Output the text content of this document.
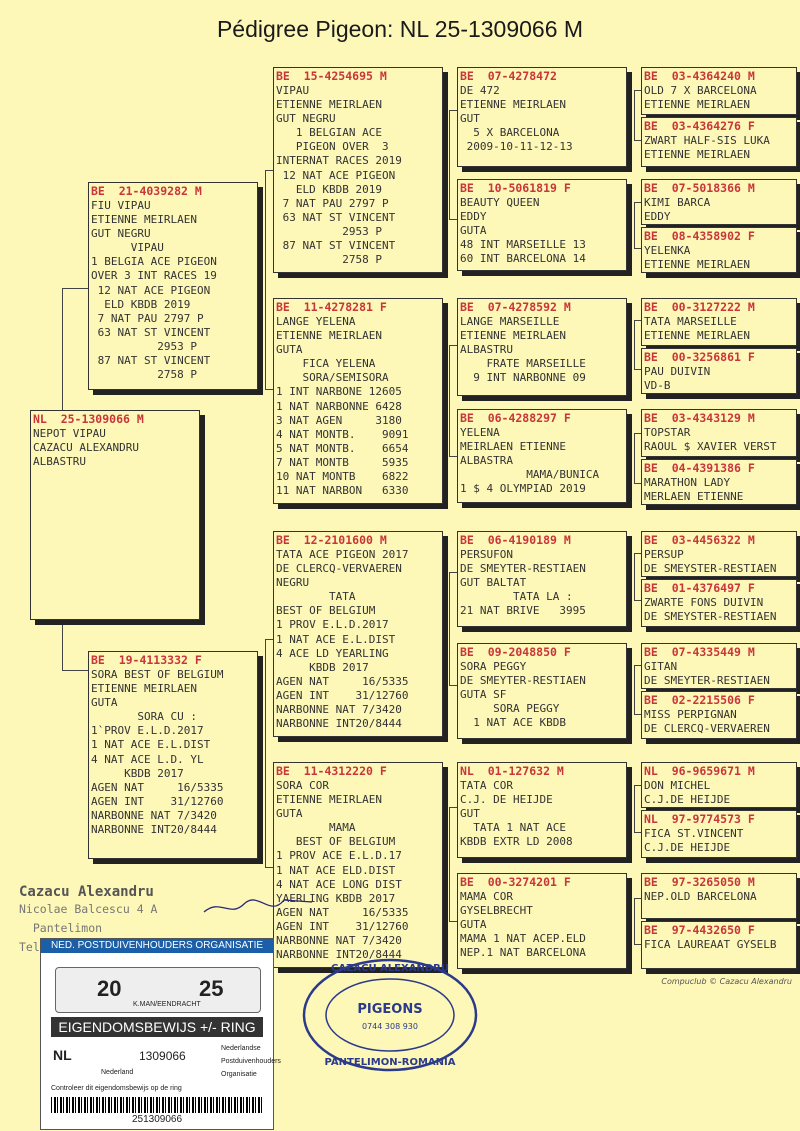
Pédigree Pigeon: NL 25-1309066 M
NL  25-1309066 M
NEPOT VIPAU
CAZACU ALEXANDRU
ALBASTRU
BE  21-4039282 M
FIU VIPAU
ETIENNE MEIRLAEN
GUT NEGRU
VIPAU
1 BELGIA ACE PIGEON
OVER 3 INT RACES 19
12 NAT ACE PIGEON
ELD KBDB 2019
7 NAT PAU 2797 P
63 NAT ST VINCENT
2953 P
87 NAT ST VINCENT
2758 P
BE  19-4113332 F
SORA BEST OF BELGIUM
ETIENNE MEIRLAEN
GUTA
SORA CU :
1`PROV E.L.D.2017
1 NAT ACE E.L.DIST
4 NAT ACE L.D. YL
KBDB 2017
AGEN NAT     16/5335
AGEN INT    31/12760
NARBONNE NAT 7/3420
NARBONNE INT20/8444
BE  15-4254695 M
VIPAU
ETIENNE MEIRLAEN
GUT NEGRU
1 BELGIAN ACE
PIGEON OVER  3
INTERNAT RACES 2019
12 NAT ACE PIGEON
ELD KBDB 2019
7 NAT PAU 2797 P
63 NAT ST VINCENT
2953 P
87 NAT ST VINCENT
2758 P
BE  11-4278281 F
LANGE YELENA
ETIENNE MEIRLAEN
GUTA
FICA YELENA
SORA/SEMISORA
1 INT NARBONE 12605
1 NAT NARBONNE 6428
3 NAT AGEN     3180
4 NAT MONTB.    9091
5 NAT MONTB.    6654
7 NAT MONTB     5935
10 NAT MONTB    6822
11 NAT NARBON   6330
BE  12-2101600 M
TATA ACE PIGEON 2017
DE CLERCQ-VERVAEREN
NEGRU
TATA
BEST OF BELGIUM
1 PROV E.L.D.2017
1 NAT ACE E.L.DIST
4 ACE LD YEARLING
KBDB 2017
AGEN NAT     16/5335
AGEN INT    31/12760
NARBONNE NAT 7/3420
NARBONNE INT20/8444
BE  11-4312220 F
SORA COR
ETIENNE MEIRLAEN
GUTA
MAMA
BEST OF BELGIUM
1 PROV ACE E.L.D.17
1 NAT ACE ELD.DIST
4 NAT ACE LONG DIST
YAERLING KBDB 2017
AGEN NAT     16/5335
AGEN INT    31/12760
NARBONNE NAT 7/3420
NARBONNE INT20/8444
BE  07-4278472
DE 472
ETIENNE MEIRLAEN
GUT
5 X BARCELONA
2009-10-11-12-13
BE  10-5061819 F
BEAUTY QUEEN
EDDY
GUTA
48 INT MARSEILLE 13
60 INT BARCELONA 14
BE  07-4278592 M
LANGE MARSEILLE
ETIENNE MEIRLAEN
ALBASTRU
FRATE MARSEILLE
9 INT NARBONNE 09
BE  06-4288297 F
YELENA
MEIRLAEN ETIENNE
ALBASTRA
MAMA/BUNICA
1 $ 4 OLYMPIAD 2019
BE  06-4190189 M
PERSUFON
DE SMEYTER-RESTIAEN
GUT BALTAT
TATA LA :
21 NAT BRIVE   3995
BE  09-2048850 F
SORA PEGGY
DE SMEYTER-RESTIAEN
GUTA SF
SORA PEGGY
1 NAT ACE KBDB
NL  01-127632 M
TATA COR
C.J. DE HEIJDE
GUT
TATA 1 NAT ACE
KBDB EXTR LD 2008
BE  00-3274201 F
MAMA COR
GYSELBRECHT
GUTA
MAMA 1 NAT ACEP.ELD
NEP.1 NAT BARCELONA
BE  03-4364240 M
OLD 7 X BARCELONA
ETIENNE MEIRLAEN
BE  03-4364276 F
ZWART HALF-SIS LUKA
ETIENNE MEIRLAEN
BE  07-5018366 M
KIMI BARCA
EDDY
BE  08-4358902 F
YELENKA
ETIENNE MEIRLAEN
BE  00-3127222 M
TATA MARSEILLE
ETIENNE MEIRLAEN
BE  00-3256861 F
PAU DUIVIN
VD-B
BE  03-4343129 M
TOPSTAR
RAOUL $ XAVIER VERST
BE  04-4391386 F
MARATHON LADY
MERLAEN ETIENNE
BE  03-4456322 M
PERSUP
DE SMEYSTER-RESTIAEN
BE  01-4376497 F
ZWARTE FONS DUIVIN
DE SMEYSTER-RESTIAEN
BE  07-4335449 M
GITAN
DE SMEYTER-RESTIAEN
BE  02-2215506 F
MISS PERPIGNAN
DE CLERCQ-VERVAEREN
NL  96-9659671 M
DON MICHEL
C.J.DE HEIJDE
NL  97-9774573 F
FICA ST.VINCENT
C.J.DE HEIJDE
BE  97-3265050 M
NEP.OLD BARCELONA
BE  97-4432650 F
FICA LAUREAAT GYSELB
Compuclub © Cazacu Alexandru
Cazacu Alexandru
Nicolae Balcescu 4 A
Pantelimon
Tel	NED. POSTDUIVENHOUDERS ORGANISATIE
20	25
K.MAN/EENDRACHT
EIGENDOMSBEWIJS +/- RING
NL	1309066
Nederland
Nederlandse
Postduivenhouders
Organisatie
Controleer dit eigendomsbewijs op de ring
251309066
CAZACU ALEXANDRU
PIGEONS
0744 308 930
PANTELIMON-ROMANIA
